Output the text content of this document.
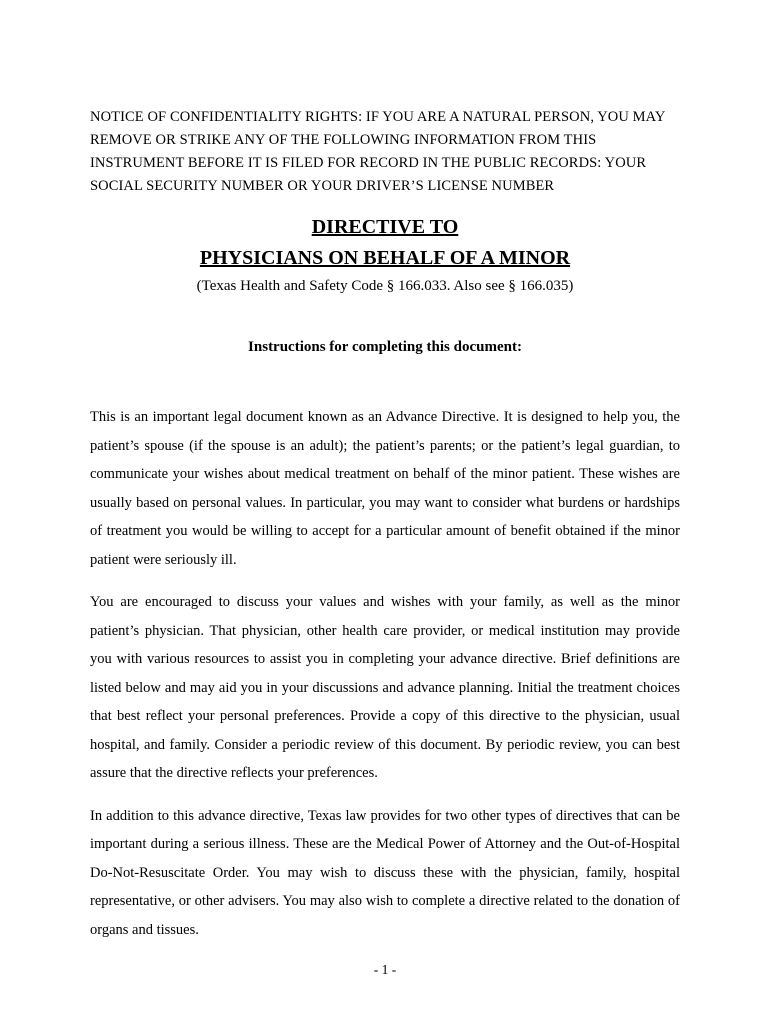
NOTICE OF CONFIDENTIALITY RIGHTS: IF YOU ARE A NATURAL PERSON, YOU MAY REMOVE OR STRIKE ANY OF THE FOLLOWING INFORMATION FROM THIS INSTRUMENT BEFORE IT IS FILED FOR RECORD IN THE PUBLIC RECORDS: YOUR SOCIAL SECURITY NUMBER OR YOUR DRIVER’S LICENSE NUMBER

DIRECTIVE TO
PHYSICIANS ON BEHALF OF A MINOR

(Texas Health and Safety Code § 166.033. Also see § 166.035)

Instructions for completing this document:

This is an important legal document known as an Advance Directive. It is designed to help you, the patient’s spouse (if the spouse is an adult); the patient’s parents; or the patient’s legal guardian, to communicate your wishes about medical treatment on behalf of the minor patient. These wishes are usually based on personal values. In particular, you may want to consider what burdens or hardships of treatment you would be willing to accept for a particular amount of benefit obtained if the minor patient were seriously ill.

You are encouraged to discuss your values and wishes with your family, as well as the minor patient’s physician. That physician, other health care provider, or medical institution may provide you with various resources to assist you in completing your advance directive. Brief definitions are listed below and may aid you in your discussions and advance planning. Initial the treatment choices that best reflect your personal preferences. Provide a copy of this directive to the physician, usual hospital, and family. Consider a periodic review of this document. By periodic review, you can best assure that the directive reflects your preferences.

In addition to this advance directive, Texas law provides for two other types of directives that can be important during a serious illness. These are the Medical Power of Attorney and the Out-of-Hospital Do-Not-Resuscitate Order. You may wish to discuss these with the physician, family, hospital representative, or other advisers. You may also wish to complete a directive related to the donation of organs and tissues.

- 1 -
